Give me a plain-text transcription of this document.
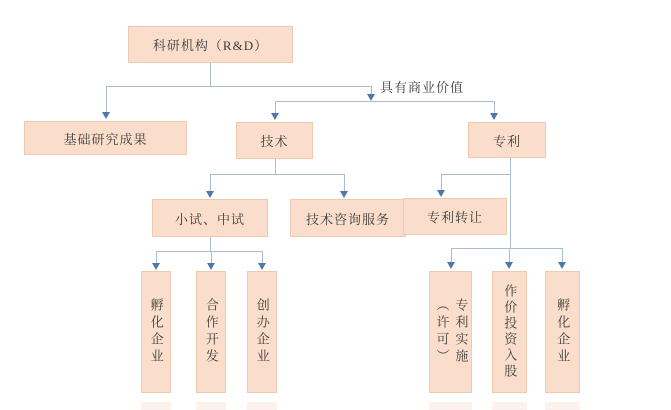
具有商业价值
科研机构（R&D）
基础研究成果	技术	专利
小试、中试	技术咨询服务	专利转让
孵化企业	合作开发	创办企业	专利实施
（许可）	作价投资入股	孵化企业
